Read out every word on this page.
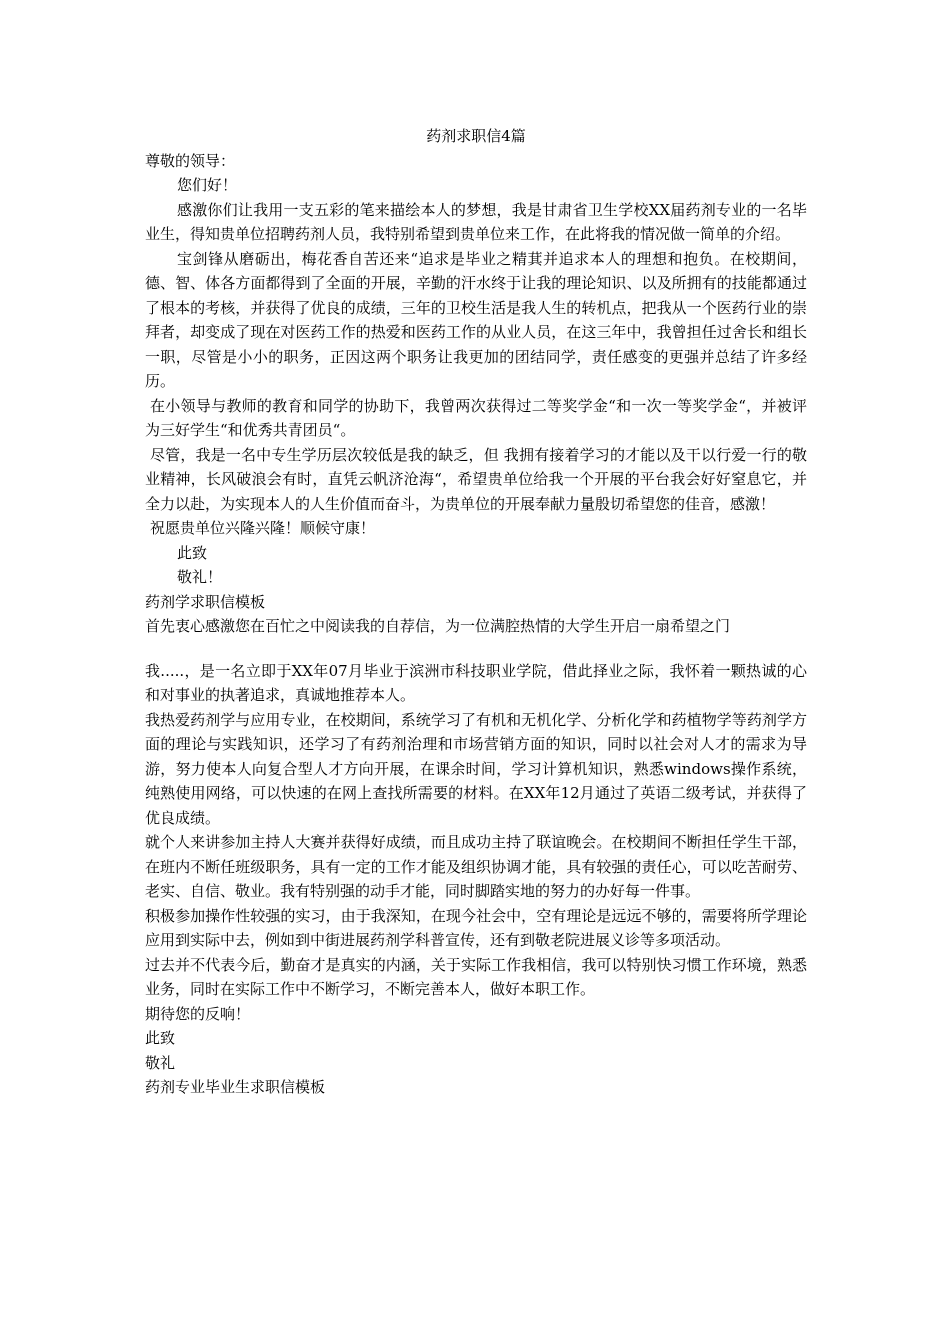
药剂求职信4篇

尊敬的领导：

您们好！

感激你们让我用一支五彩的笔来描绘本人的梦想，我是甘肃省卫生学校XX届药剂专业的一名毕业生，得知贵单位招聘药剂人员，我特别希望到贵单位来工作，在此将我的情况做一简单的介绍。

宝剑锋从磨砺出，梅花香自苦还来“追求是毕业之精萁并追求本人的理想和抱负。在校期间，德、智、体各方面都得到了全面的开展，辛勤的汗水终于让我的理论知识、以及所拥有的技能都通过了根本的考核，并获得了优良的成绩，三年的卫校生活是我人生的转机点，把我从一个医药行业的崇拜者，却变成了现在对医药工作的热爱和医药工作的从业人员，在这三年中，我曾担任过舍长和组长一职，尽管是小小的职务，正因这两个职务让我更加的团结同学，责任感变的更强并总结了许多经历。

在小领导与教师的教育和同学的协助下，我曾两次获得过二等奖学金“和一次一等奖学金“，并被评为三好学生“和优秀共青团员“。

尽管，我是一名中专生学历层次较低是我的缺乏，但 我拥有接着学习的才能以及干以行爱一行的敬业精神，长风破浪会有时，直凭云帆济沧海“，希望贵单位给我一个开展的平台我会好好窒息它，并全力以赴，为实现本人的人生价值而奋斗，为贵单位的开展奉献力量殷切希望您的佳音，感激！

祝愿贵单位兴隆兴隆！顺候守康！

此致

敬礼！

药剂学求职信模板

首先衷心感激您在百忙之中阅读我的自荐信，为一位满腔热情的大学生开启一扇希望之门

我.....，是一名立即于XX年07月毕业于滨洲市科技职业学院，借此择业之际，我怀着一颗热诚的心和对事业的执著追求，真诚地推荐本人。

我热爱药剂学与应用专业，在校期间，系统学习了有机和无机化学、分析化学和药植物学等药剂学方面的理论与实践知识，还学习了有药剂治理和市场营销方面的知识，同时以社会对人才的需求为导游，努力使本人向复合型人才方向开展，在课余时间，学习计算机知识，熟悉windows操作系统，纯熟使用网络，可以快速的在网上查找所需要的材料。在XX年12月通过了英语二级考试，并获得了优良成绩。

就个人来讲参加主持人大赛并获得好成绩，而且成功主持了联谊晚会。在校期间不断担任学生干部，在班内不断任班级职务，具有一定的工作才能及组织协调才能，具有较强的责任心，可以吃苦耐劳、老实、自信、敬业。我有特别强的动手才能，同时脚踏实地的努力的办好每一件事。

积极参加操作性较强的实习，由于我深知，在现今社会中，空有理论是远远不够的，需要将所学理论应用到实际中去，例如到中街进展药剂学科普宣传，还有到敬老院进展义诊等多项活动。

过去并不代表今后，勤奋才是真实的内涵，关于实际工作我相信，我可以特别快习惯工作环境，熟悉业务，同时在实际工作中不断学习，不断完善本人，做好本职工作。

期待您的反响！

此致

敬礼

药剂专业毕业生求职信模板
